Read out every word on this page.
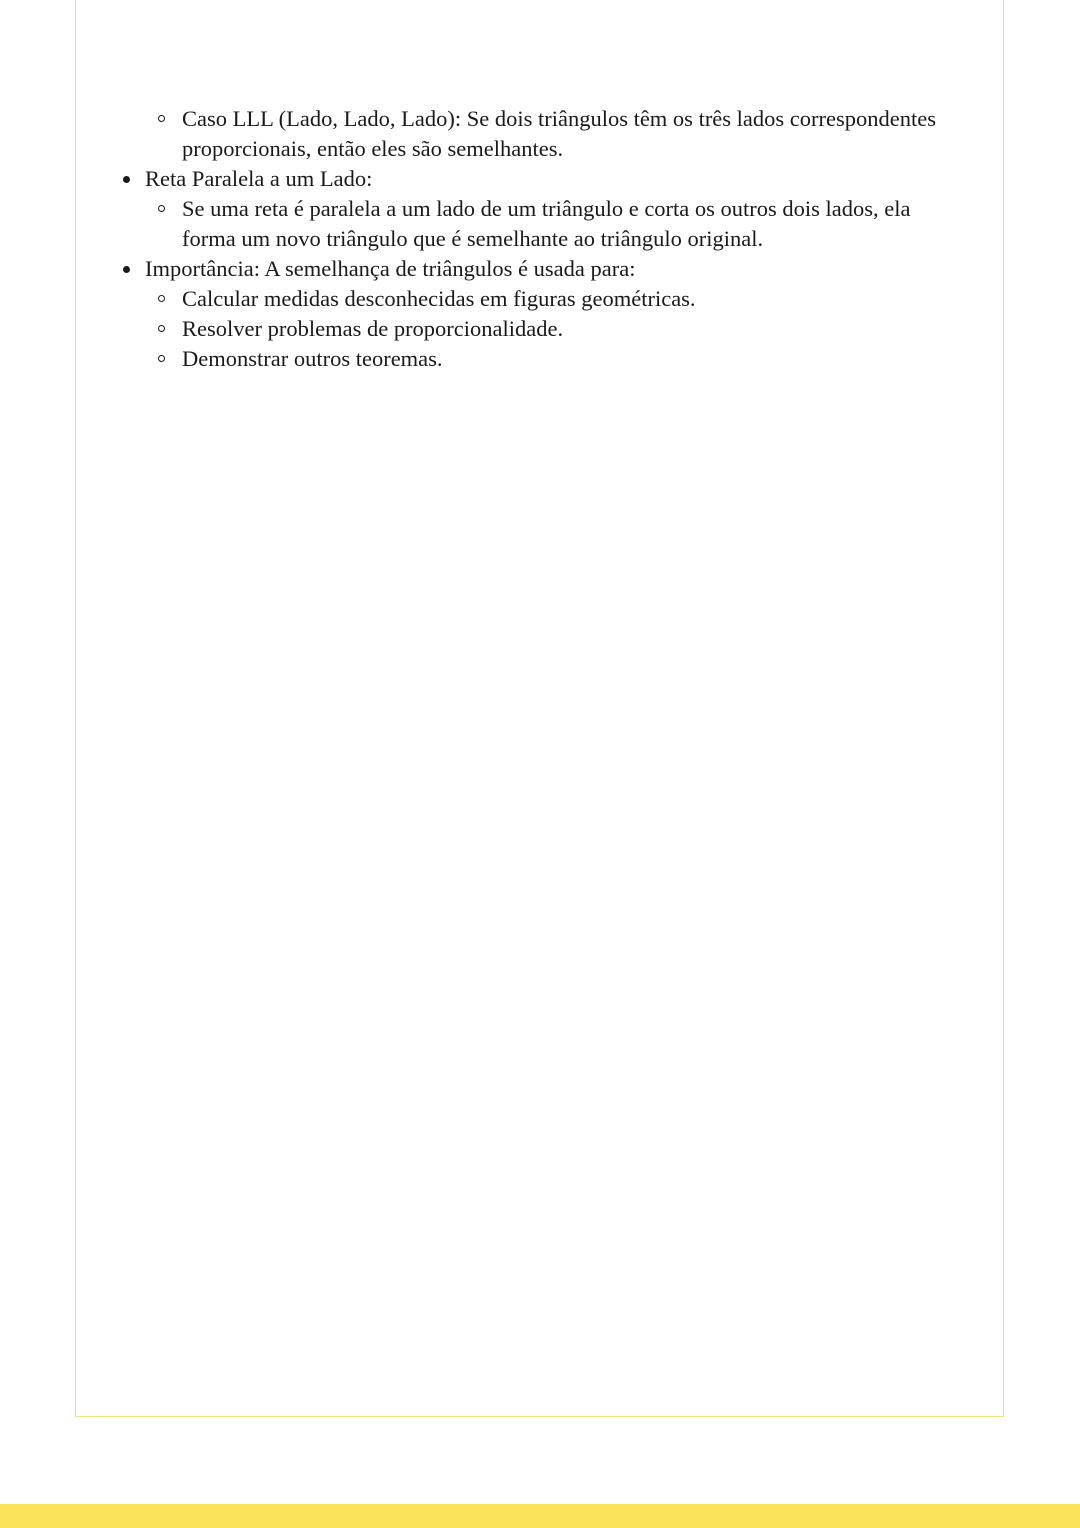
Caso LLL (Lado, Lado, Lado): Se dois triângulos têm os três lados correspondentes proporcionais, então eles são semelhantes.
Reta Paralela a um Lado:
Se uma reta é paralela a um lado de um triângulo e corta os outros dois lados, ela forma um novo triângulo que é semelhante ao triângulo original.
Importância: A semelhança de triângulos é usada para:
Calcular medidas desconhecidas em figuras geométricas.
Resolver problemas de proporcionalidade.
Demonstrar outros teoremas.
